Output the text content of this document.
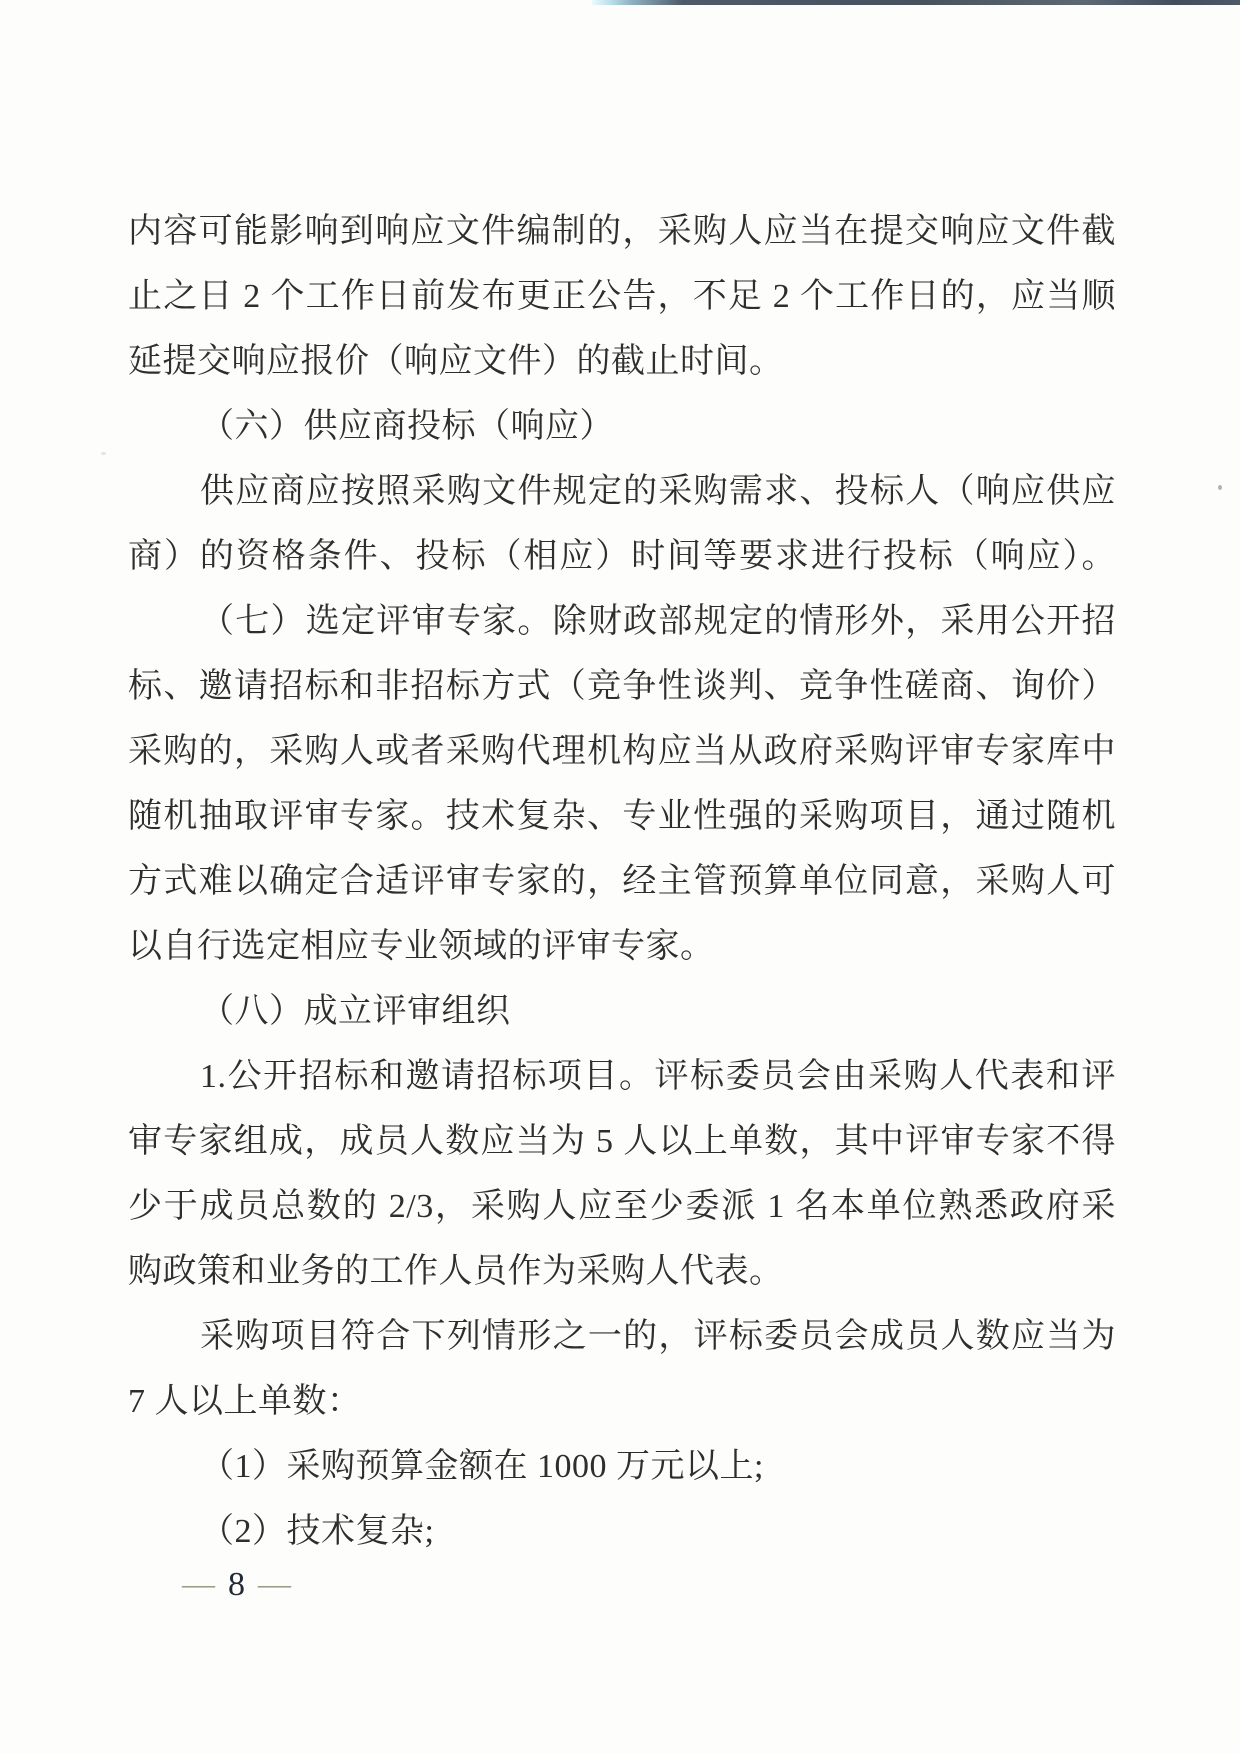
内容可能影响到响应文件编制的，采购人应当在提交响应文件截
止之日 2 个工作日前发布更正公告，不足 2 个工作日的，应当顺
延提交响应报价（响应文件）的截止时间。
（六）供应商投标（响应）
供应商应按照采购文件规定的采购需求、投标人（响应供应
商）的资格条件、投标（相应）时间等要求进行投标（响应）。
（七）选定评审专家。除财政部规定的情形外，采用公开招
标、邀请招标和非招标方式（竞争性谈判、竞争性磋商、询价）
采购的，采购人或者采购代理机构应当从政府采购评审专家库中
随机抽取评审专家。技术复杂、专业性强的采购项目，通过随机
方式难以确定合适评审专家的，经主管预算单位同意，采购人可
以自行选定相应专业领域的评审专家。
（八）成立评审组织
1.公开招标和邀请招标项目。评标委员会由采购人代表和评
审专家组成，成员人数应当为 5 人以上单数，其中评审专家不得
少于成员总数的 2/3，采购人应至少委派 1 名本单位熟悉政府采
购政策和业务的工作人员作为采购人代表。
采购项目符合下列情形之一的，评标委员会成员人数应当为
7 人以上单数：
（1）采购预算金额在 1000 万元以上;
（2）技术复杂;
— 8 —
